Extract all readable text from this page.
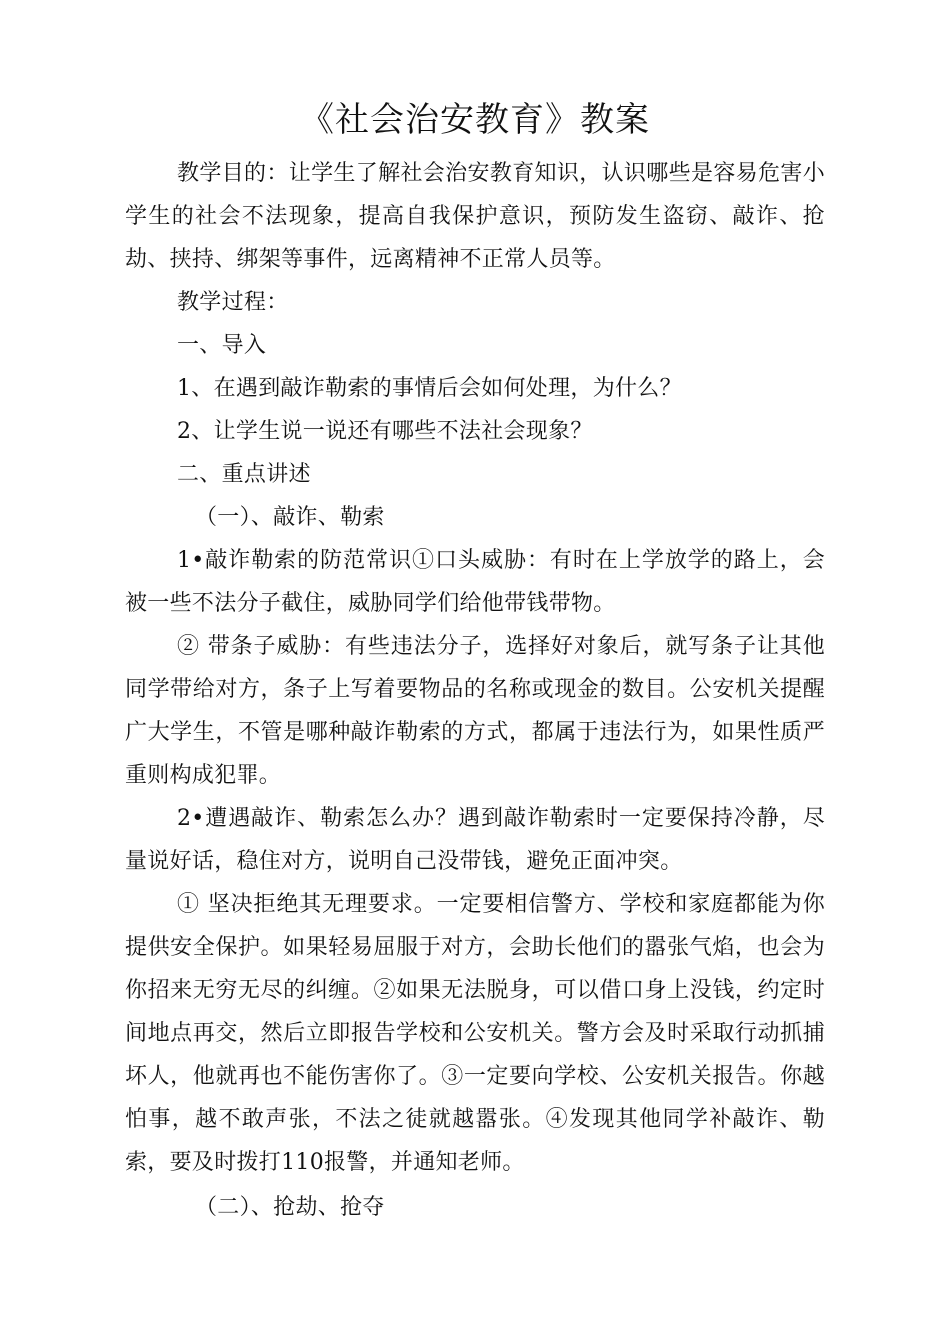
《社会治安教育》教案

教学目的：让学生了解社会治安教育知识，认识哪些是容易危害小学生的社会不法现象，提高自我保护意识，预防发生盗窃、敲诈、抢劫、挟持、绑架等事件，远离精神不正常人员等。

教学过程：

一、导入

1、在遇到敲诈勒索的事情后会如何处理，为什么？

2、让学生说一说还有哪些不法社会现象？

二、重点讲述

（一）、敲诈、勒索

1•敲诈勒索的防范常识①口头威胁：有时在上学放学的路上，会被一些不法分子截住，威胁同学们给他带钱带物。

② 带条子威胁：有些违法分子，选择好对象后，就写条子让其他同学带给对方，条子上写着要物品的名称或现金的数目。公安机关提醒广大学生，不管是哪种敲诈勒索的方式，都属于违法行为，如果性质严重则构成犯罪。

2•遭遇敲诈、勒索怎么办？遇到敲诈勒索时一定要保持冷静，尽量说好话，稳住对方，说明自己没带钱，避免正面冲突。

① 坚决拒绝其无理要求。一定要相信警方、学校和家庭都能为你提供安全保护。如果轻易屈服于对方，会助长他们的嚣张气焰，也会为你招来无穷无尽的纠缠。②如果无法脱身，可以借口身上没钱，约定时间地点再交，然后立即报告学校和公安机关。警方会及时采取行动抓捕坏人，他就再也不能伤害你了。③一定要向学校、公安机关报告。你越怕事，越不敢声张，不法之徒就越嚣张。④发现其他同学补敲诈、勒索，要及时拨打110报警，并通知老师。

（二）、抢劫、抢夺
